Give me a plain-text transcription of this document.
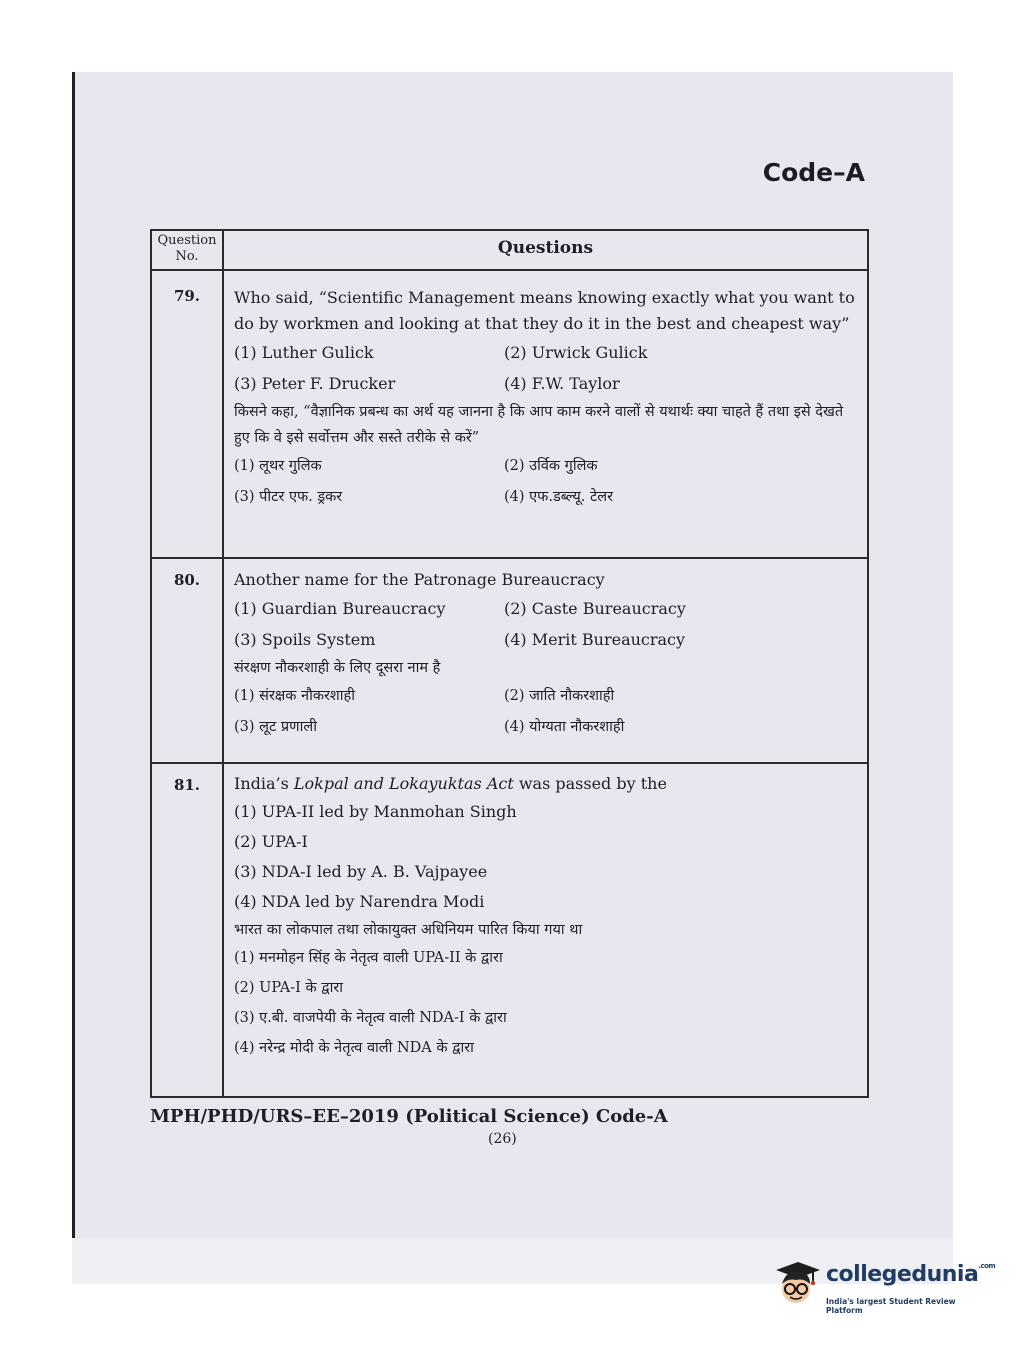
Code–A
Question No.	Questions
79.	Who said, “Scientific Management means knowing exactly what you want to do by workmen and looking at that they do it in the best and cheapest way”
(1) Luther Gulick	(2) Urwick Gulick
(3) Peter F. Drucker	(4) F.W. Taylor
किसने कहा, “वैज्ञानिक प्रबन्ध का अर्थ यह जानना है कि आप काम करने वालों से यथार्थः क्या चाहते हैं तथा इसे देखते हुए कि वे इसे सर्वोत्तम और सस्ते तरीके से करें”
(1) लूथर गुलिक	(2) उर्विक गुलिक
(3) पीटर एफ. ड्रकर	(4) एफ.डब्ल्यू. टेलर
80.	Another name for the Patronage Bureaucracy
(1) Guardian Bureaucracy	(2) Caste Bureaucracy
(3) Spoils System	(4) Merit Bureaucracy
संरक्षण नौकरशाही के लिए दूसरा नाम है
(1) संरक्षक नौकरशाही	(2) जाति नौकरशाही
(3) लूट प्रणाली	(4) योग्यता नौकरशाही
81.	India’s Lokpal and Lokayuktas Act was passed by the
(1) UPA-II led by Manmohan Singh
(2) UPA-I
(3) NDA-I led by A. B. Vajpayee
(4) NDA led by Narendra Modi
भारत का लोकपाल तथा लोकायुक्त अधिनियम पारित किया गया था
(1) मनमोहन सिंह के नेतृत्व वाली UPA-II के द्वारा
(2) UPA-I के द्वारा
(3) ए.बी. वाजपेयी के नेतृत्व वाली NDA-I के द्वारा
(4) नरेन्द्र मोदी के नेतृत्व वाली NDA के द्वारा
MPH/PHD/URS–EE–2019 (Political Science) Code-A
(26)
collegedunia$^{.com}$
India's largest Student Review Platform
